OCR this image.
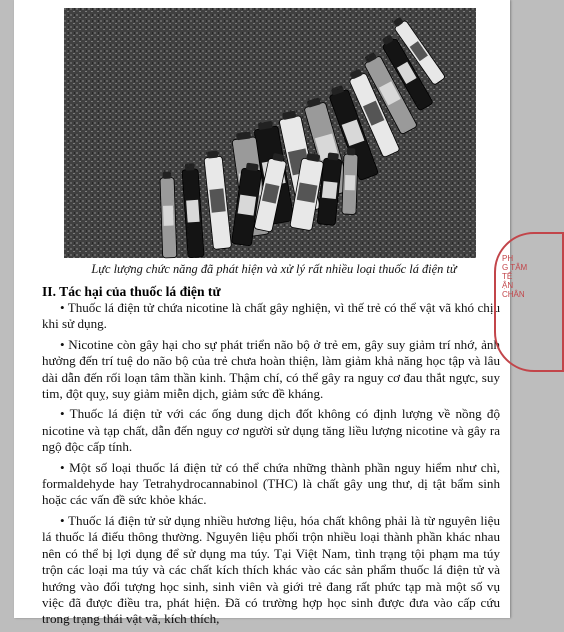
Lực lượng chức năng đã phát hiện và xử lý rất nhiều loại thuốc lá điện tử
II. Tác hại của thuốc lá điện tử

• Thuốc lá điện tử chứa nicotine là chất gây nghiện, vì thế trẻ có thể vật vã khó chịu khi sử dụng.

• Nicotine còn gây hại cho sự phát triển não bộ ở trẻ em, gây suy giảm trí nhớ, ảnh hưởng đến trí tuệ do não bộ của trẻ chưa hoàn thiện, làm giảm khả năng học tập và lâu dài dẫn đến rối loạn tâm thần kinh. Thậm chí, có thể gây ra nguy cơ đau thắt ngực, suy tim, đột quỵ, suy giảm miễn dịch, giảm sức đề kháng.

• Thuốc lá điện tử với các ống dung dịch đốt không có định lượng về nồng độ nicotine và tạp chất, dẫn đến nguy cơ người sử dụng tăng liều lượng nicotine và gây ra ngộ độc cấp tính.

• Một số loại thuốc lá điện tử có thể chứa những thành phần nguy hiểm như chì, formaldehyde hay Tetrahydrocannabinol (THC) là chất gây ung thư, dị tật bẩm sinh hoặc các vấn đề sức khỏe khác.

• Thuốc lá điện tử sử dụng nhiều hương liệu, hóa chất không phải là từ nguyên liệu lá thuốc lá điếu thông thường. Nguyên liệu phối trộn nhiều loại thành phần khác nhau nên có thể bị lợi dụng để sử dụng ma túy. Tại Việt Nam, tình trạng tội phạm ma túy trộn các loại ma túy và các chất kích thích khác vào các sản phẩm thuốc lá điện tử và hướng vào đối tượng học sinh, sinh viên và giới trẻ đang rất phức tạp mà một số vụ việc đã được điều tra, phát hiện. Đã có trường hợp học sinh được đưa vào cấp cứu trong trạng thái vật vã, kích thích,

PH
G TÂM
TẾ
ẬN
CHÂN
